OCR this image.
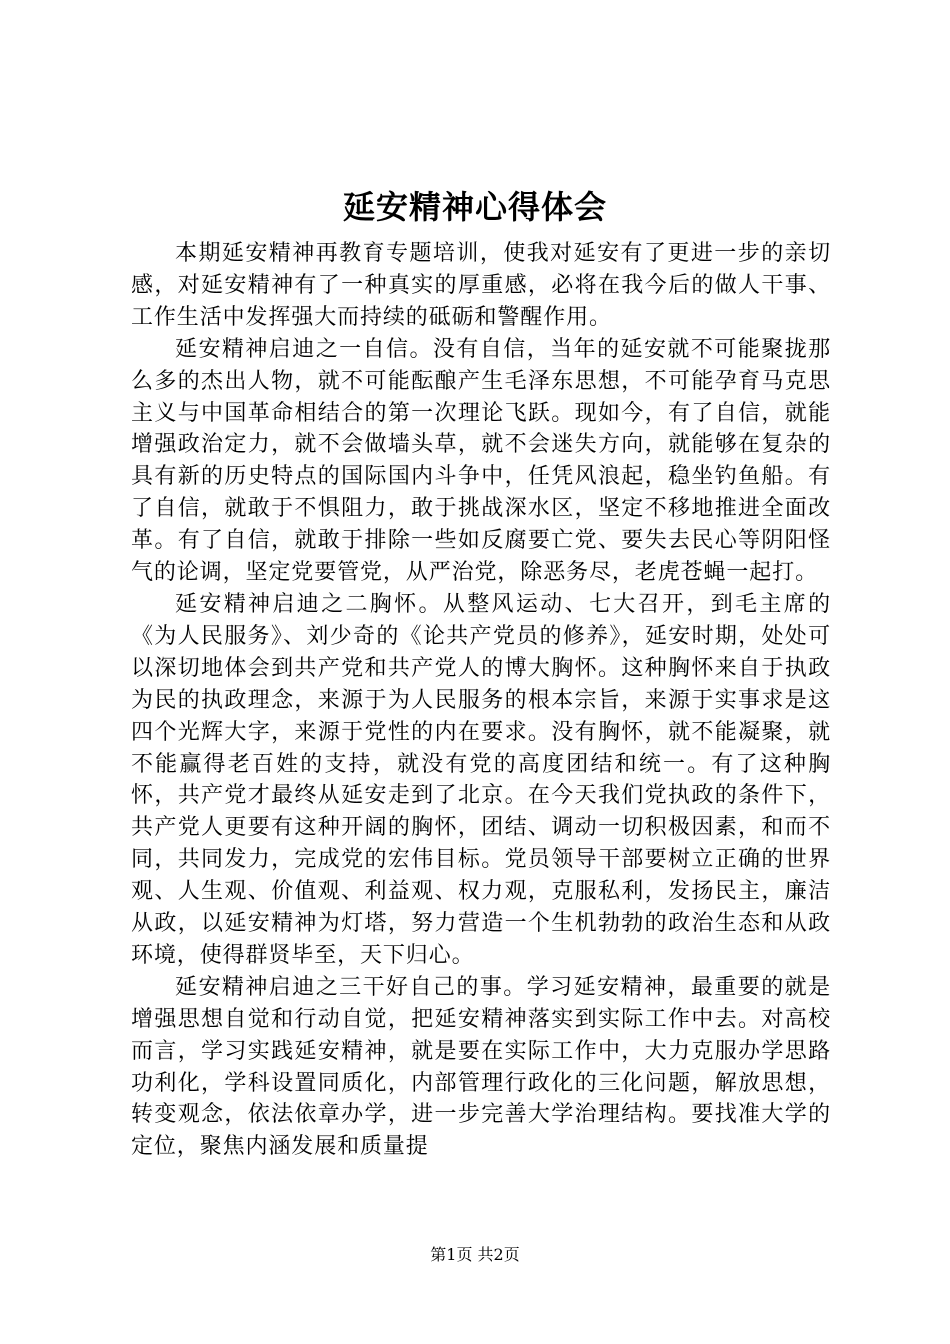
延安精神心得体会

本期延安精神再教育专题培训，使我对延安有了更进一步的亲切感，对延安精神有了一种真实的厚重感，必将在我今后的做人干事、工作生活中发挥强大而持续的砥砺和警醒作用。

延安精神启迪之一自信。没有自信，当年的延安就不可能聚拢那么多的杰出人物，就不可能酝酿产生毛泽东思想，不可能孕育马克思主义与中国革命相结合的第一次理论飞跃。现如今，有了自信，就能增强政治定力，就不会做墙头草，就不会迷失方向，就能够在复杂的具有新的历史特点的国际国内斗争中，任凭风浪起，稳坐钓鱼船。有了自信，就敢于不惧阻力，敢于挑战深水区，坚定不移地推进全面改革。有了自信，就敢于排除一些如反腐要亡党、要失去民心等阴阳怪气的论调，坚定党要管党，从严治党，除恶务尽，老虎苍蝇一起打。

延安精神启迪之二胸怀。从整风运动、七大召开，到毛主席的《为人民服务》、刘少奇的《论共产党员的修养》，延安时期，处处可以深切地体会到共产党和共产党人的博大胸怀。这种胸怀来自于执政为民的执政理念，来源于为人民服务的根本宗旨，来源于实事求是这四个光辉大字，来源于党性的内在要求。没有胸怀，就不能凝聚，就不能赢得老百姓的支持，就没有党的高度团结和统一。有了这种胸怀，共产党才最终从延安走到了北京。在今天我们党执政的条件下，共产党人更要有这种开阔的胸怀，团结、调动一切积极因素，和而不同，共同发力，完成党的宏伟目标。党员领导干部要树立正确的世界观、人生观、价值观、利益观、权力观，克服私利，发扬民主，廉洁从政，以延安精神为灯塔，努力营造一个生机勃勃的政治生态和从政环境，使得群贤毕至，天下归心。

延安精神启迪之三干好自己的事。学习延安精神，最重要的就是增强思想自觉和行动自觉，把延安精神落实到实际工作中去。对高校而言，学习实践延安精神，就是要在实际工作中，大力克服办学思路功利化，学科设置同质化，内部管理行政化的三化问题，解放思想，转变观念，依法依章办学，进一步完善大学治理结构。要找准大学的定位，聚焦内涵发展和质量提

第1页 共2页
